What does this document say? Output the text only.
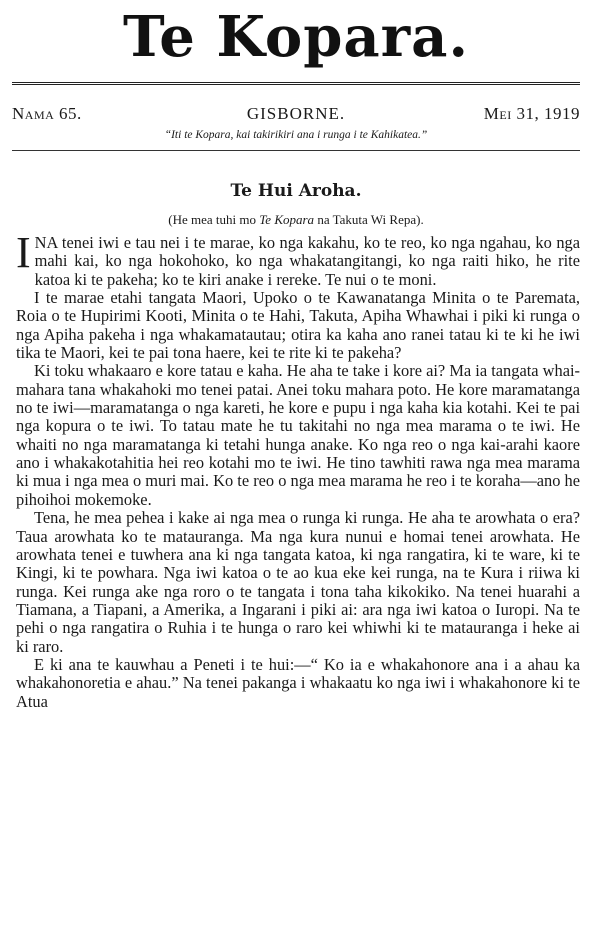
Te Kopara.
Nama 65.	GISBORNE.	Mei 31, 1919
“Iti te Kopara, kai takirikiri ana i runga i te Kahikatea.”
Te Hui Aroha.
(He mea tuhi mo Te Kopara na Takuta Wi Repa).

INA tenei iwi e tau nei i te marae, ko nga kakahu, ko te reo, ko nga ngahau, ko nga mahi kai, ko nga hokohoko, ko nga whakatangitangi, ko nga raiti hiko, he rite katoa ki te pakeha; ko te kiri anake i rereke. Te nui o te moni.

I te marae etahi tangata Maori, Upoko o te Kawanatanga Minita o te Paremata, Roia o te Hupirimi Kooti, Minita o te Hahi, Takuta, Apiha Whawhai i piki ki runga o nga Apiha pakeha i nga whakamatautau; otira ka kaha ano ranei tatau ki te ki he iwi tika te Maori, kei te pai tona haere, kei te rite ki te pakeha?

Ki toku whakaaro e kore tatau e kaha. He aha te take i kore ai? Ma ia tangata whai-mahara tana whakahoki mo tenei patai. Anei toku mahara poto. He kore maramatanga no te iwi—maramatanga o nga kareti, he kore e pupu i nga kaha kia kotahi. Kei te pai nga kopura o te iwi. To tatau mate he tu takitahi no nga mea marama o te iwi. He whaiti no nga maramatanga ki tetahi hunga anake. Ko nga reo o nga kai-arahi kaore ano i whakakotahitia hei reo kotahi mo te iwi. He tino tawhiti rawa nga mea marama ki mua i nga mea o muri mai. Ko te reo o nga mea marama he reo i te koraha—ano he pihoihoi mokemoke.

Tena, he mea pehea i kake ai nga mea o runga ki runga. He aha te arowhata o era? Taua arowhata ko te matauranga. Ma nga kura nunui e homai tenei arowhata. He arowhata tenei e tuwhera ana ki nga tangata katoa, ki nga rangatira, ki te ware, ki te Kingi, ki te powhara. Nga iwi katoa o te ao kua eke kei runga, na te Kura i riiwa ki runga. Kei runga ake nga roro o te tangata i tona taha kikokiko. Na tenei huarahi a Tiamana, a Tiapani, a Amerika, a Ingarani i piki ai: ara nga iwi katoa o Iuropi. Na te pehi o nga rangatira o Ruhia i te hunga o raro kei whiwhi ki te matauranga i heke ai ki raro.

E ki ana te kauwhau a Peneti i te hui:—“ Ko ia e whakahonore ana i a ahau ka whakahonoretia e ahau.” Na tenei pakanga i whakaatu ko nga iwi i whakahonore ki te Atua
